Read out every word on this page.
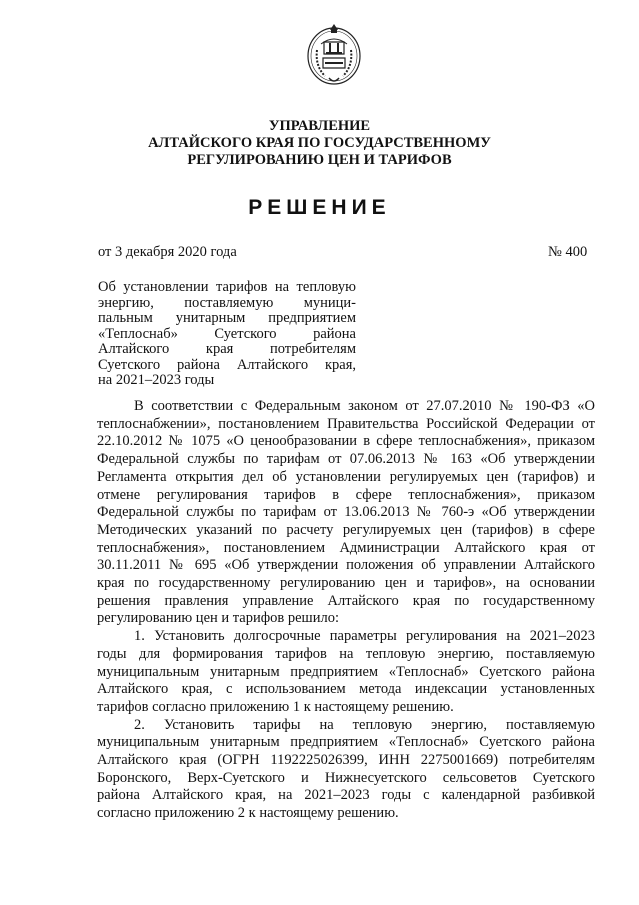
УПРАВЛЕНИЕ
АЛТАЙСКОГО КРАЯ ПО ГОСУДАРСТВЕННОМУ
РЕГУЛИРОВАНИЮ ЦЕН И ТАРИФОВ
РЕШЕНИЕ
от 3 декабря 2020 года	№ 400
Об установлении тарифов на тепловую
энергию, поставляемую муници-
пальным унитарным предприятием
«Теплоснаб» Суетского района
Алтайского края потребителям
Суетского района Алтайского края,
на 2021–2023 годы

В соответствии с Федеральным законом от 27.07.2010 № 190-ФЗ «О
теплоснабжении», постановлением Правительства Российской Федерации от
22.10.2012 № 1075 «О ценообразовании в сфере теплоснабжения», приказом
Федеральной службы по тарифам от 07.06.2013 № 163 «Об утверждении
Регламента открытия дел об установлении регулируемых цен (тарифов) и
отмене регулирования тарифов в сфере теплоснабжения», приказом
Федеральной службы по тарифам от 13.06.2013 № 760-э «Об утверждении
Методических указаний по расчету регулируемых цен (тарифов) в сфере
теплоснабжения», постановлением Администрации Алтайского края от
30.11.2011 № 695 «Об утверждении положения об управлении Алтайского
края по государственному регулированию цен и тарифов», на основании
решения правления управление Алтайского края по государственному
регулированию цен и тарифов решило:

1. Установить долгосрочные параметры регулирования на 2021–2023
годы для формирования тарифов на тепловую энергию, поставляемую
муниципальным унитарным предприятием «Теплоснаб» Суетского района
Алтайского края, с использованием метода индексации установленных
тарифов согласно приложению 1 к настоящему решению.

2. Установить тарифы на тепловую энергию, поставляемую
муниципальным унитарным предприятием «Теплоснаб» Суетского района
Алтайского края (ОГРН 1192225026399, ИНН 2275001669) потребителям
Боронского, Верх-Суетского и Нижнесуетского сельсоветов Суетского
района Алтайского края, на 2021–2023 годы с календарной разбивкой
согласно приложению 2 к настоящему решению.
